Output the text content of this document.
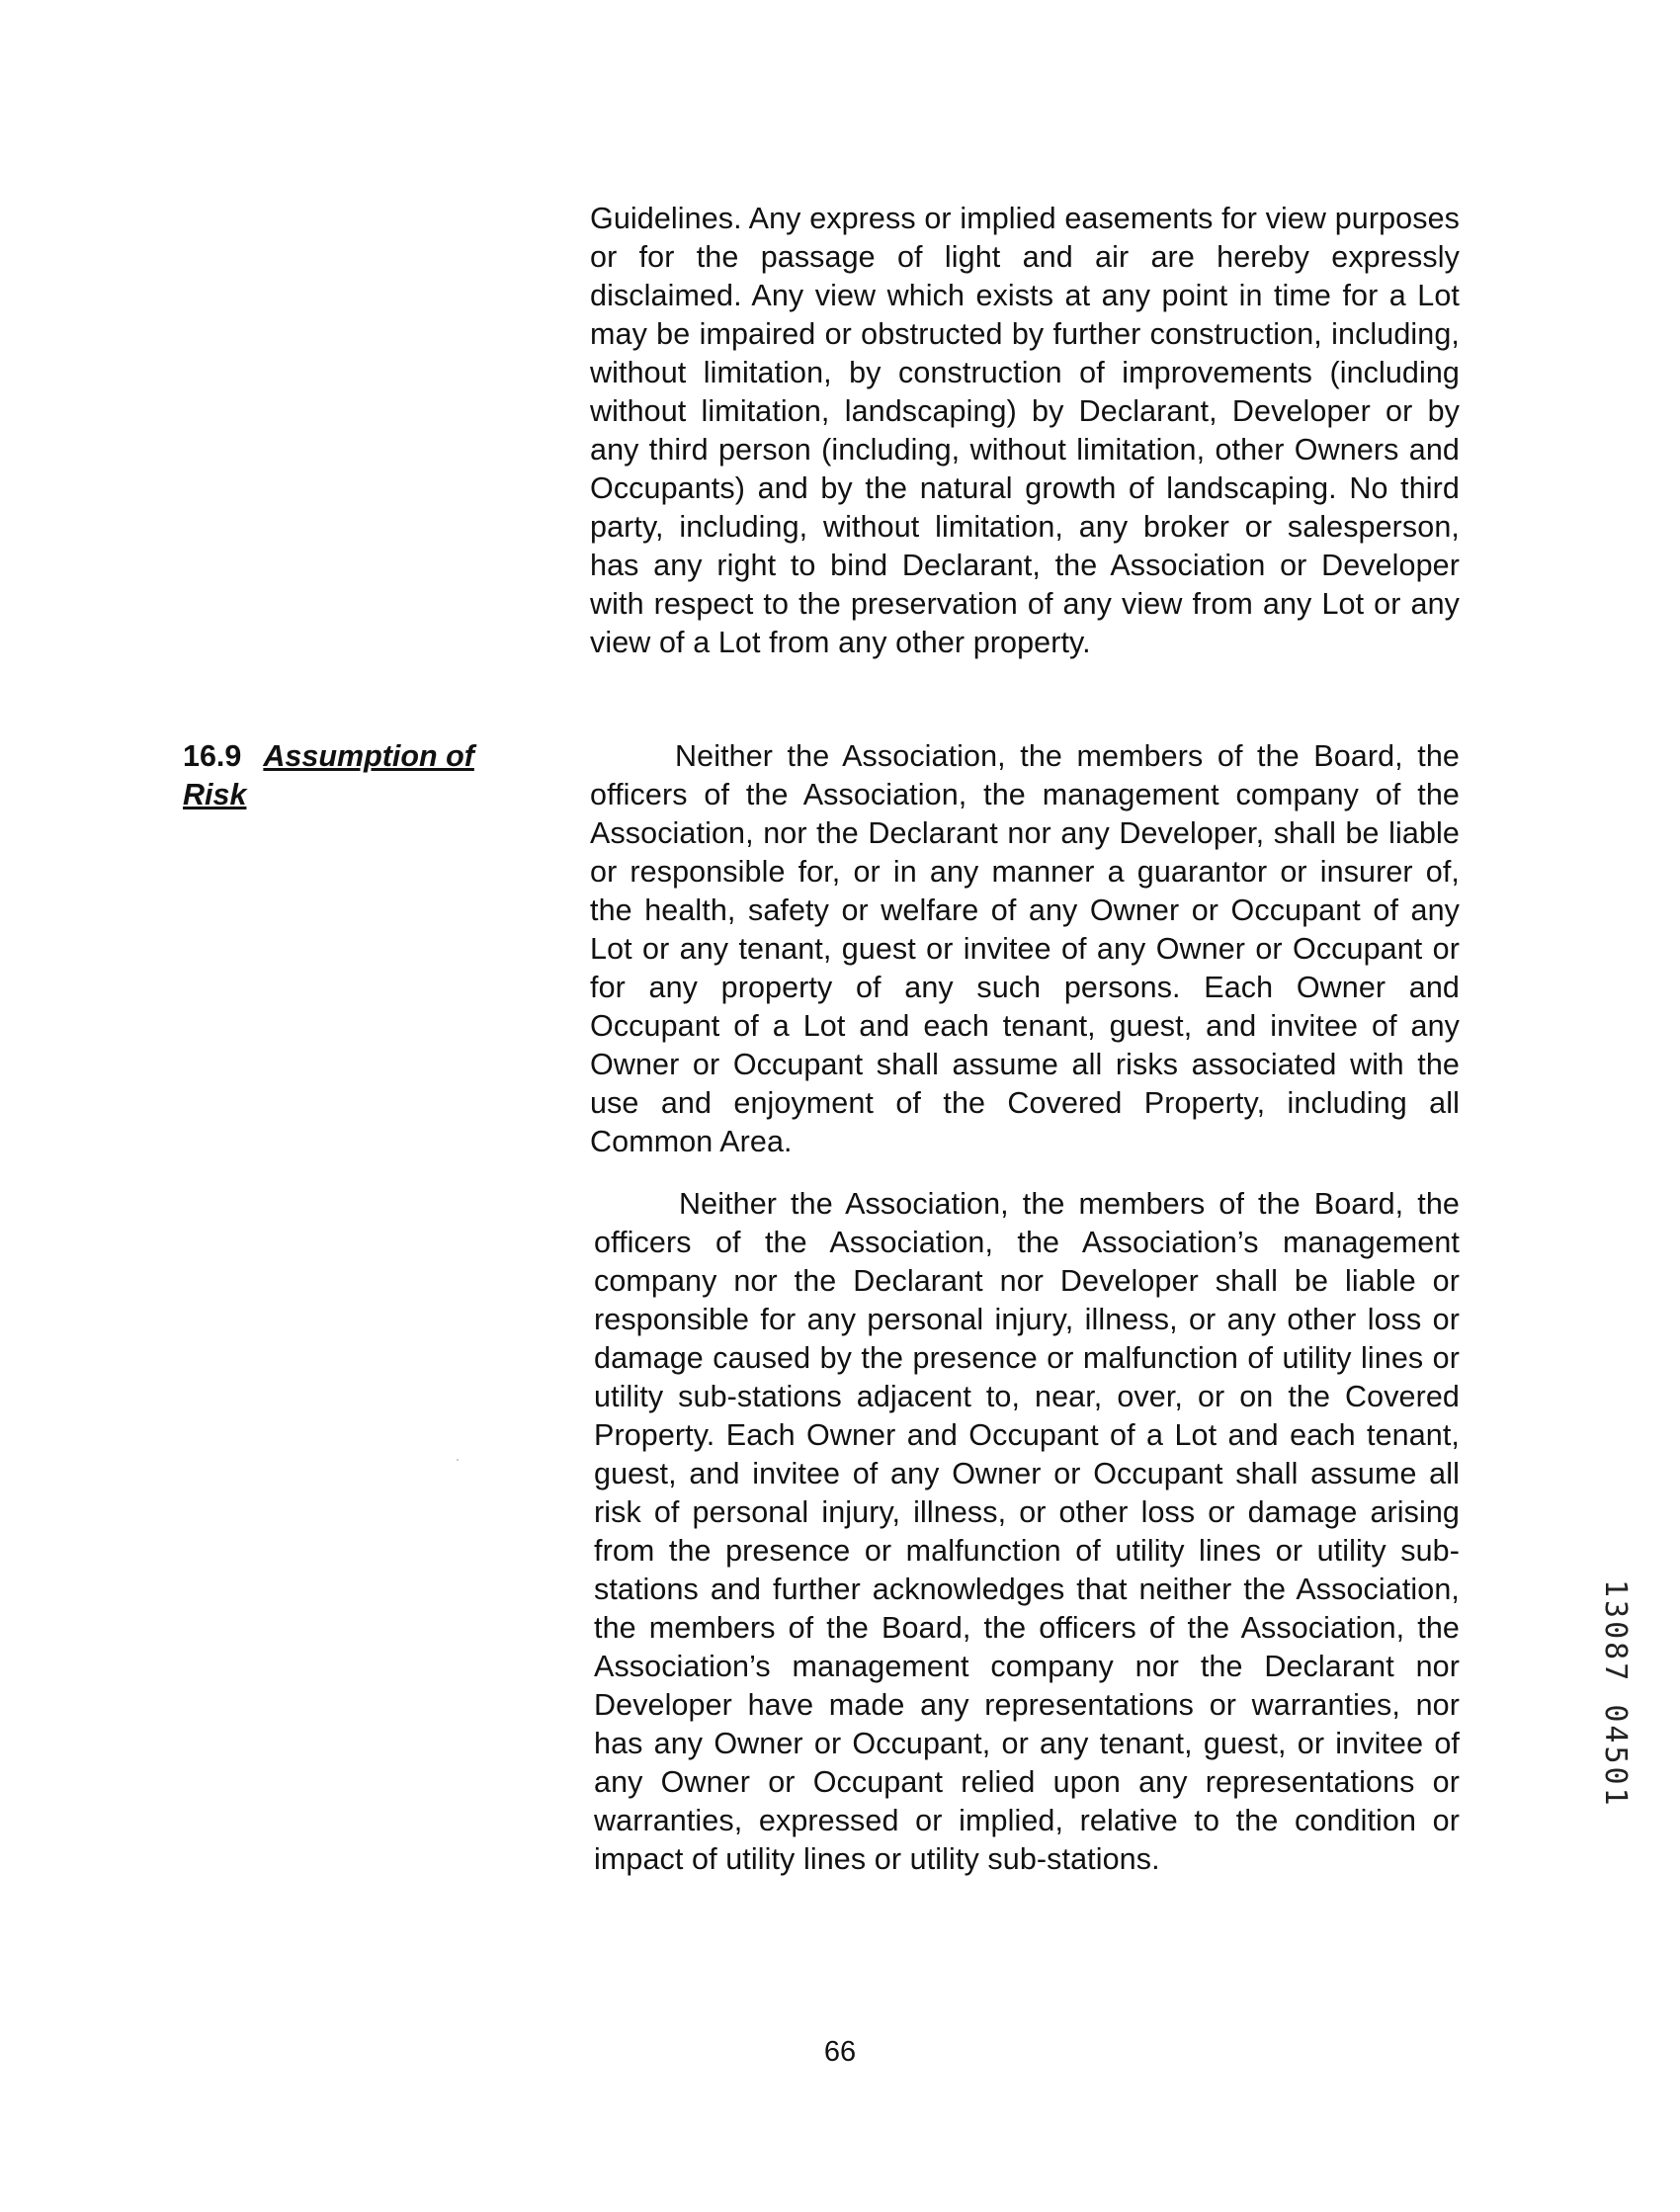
Guidelines. Any express or implied easements for view purposes or for the passage of light and air are hereby expressly disclaimed. Any view which exists at any point in time for a Lot may be impaired or obstructed by further construction, including, without limitation, by construction of improvements (including without limitation, landscaping) by Declarant, Developer or by any third person (including, without limitation, other Owners and Occupants) and by the natural growth of landscaping. No third party, including, without limitation, any broker or salesperson, has any right to bind Declarant, the Association or Developer with respect to the preservation of any view from any Lot or any view of a Lot from any other property.

16.9 Assumption of Risk

Neither the Association, the members of the Board, the officers of the Association, the management company of the Association, nor the Declarant nor any Developer, shall be liable or responsible for, or in any manner a guarantor or insurer of, the health, safety or welfare of any Owner or Occupant of any Lot or any tenant, guest or invitee of any Owner or Occupant or for any property of any such persons. Each Owner and Occupant of a Lot and each tenant, guest, and invitee of any Owner or Occupant shall assume all risks associated with the use and enjoyment of the Covered Property, including all Common Area.

Neither the Association, the members of the Board, the officers of the Association, the Association’s management company nor the Declarant nor Developer shall be liable or responsible for any personal injury, illness, or any other loss or damage caused by the presence or malfunction of utility lines or utility sub-stations adjacent to, near, over, or on the Covered Property. Each Owner and Occupant of a Lot and each tenant, guest, and invitee of any Owner or Occupant shall assume all risk of personal injury, illness, or other loss or damage arising from the presence or malfunction of utility lines or utility sub-stations and further acknowledges that neither the Association, the members of the Board, the officers of the Association, the Association’s management company nor the Declarant nor Developer have made any representations or warranties, nor has any Owner or Occupant, or any tenant, guest, or invitee of any Owner or Occupant relied upon any representations or warranties, expressed or implied, relative to the condition or impact of utility lines or utility sub-stations.

13087 04501

66
